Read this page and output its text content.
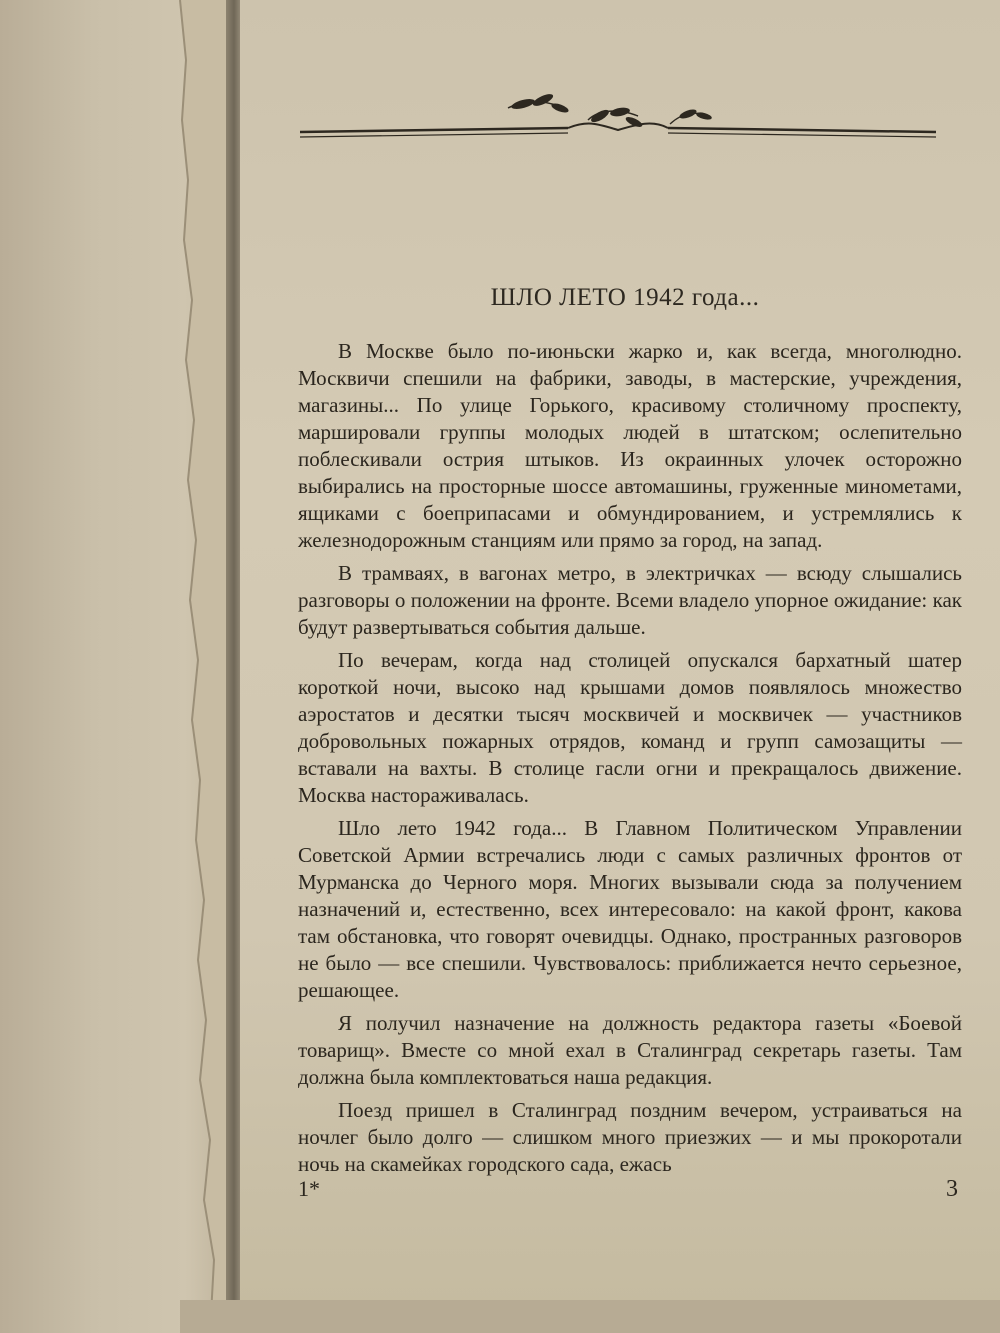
ШЛО ЛЕТО 1942 года...

В Москве было по-июньски жарко и, как всегда, многолюдно. Москвичи спешили на фабрики, заводы, в мастерские, учреждения, магазины... По улице Горького, красивому столичному проспекту, маршировали группы молодых людей в штатском; ослепительно поблескивали острия штыков. Из окраинных улочек осторожно выбирались на просторные шоссе автомашины, груженные минометами, ящиками с боеприпасами и обмундированием, и устремлялись к железнодорожным станциям или прямо за город, на запад.

В трамваях, в вагонах метро, в электричках — всюду слышались разговоры о положении на фронте. Всеми владело упорное ожидание: как будут развертываться события дальше.

По вечерам, когда над столицей опускался бархатный шатер короткой ночи, высоко над крышами домов появлялось множество аэростатов и десятки тысяч москвичей и москвичек — участников добровольных пожарных отрядов, команд и групп самозащиты — вставали на вахты. В столице гасли огни и прекращалось движение. Москва настораживалась.

Шло лето 1942 года... В Главном Политическом Управлении Советской Армии встречались люди с самых различных фронтов от Мурманска до Черного моря. Многих вызывали сюда за получением назначений и, естественно, всех интересовало: на какой фронт, какова там обстановка, что говорят очевидцы. Однако, пространных разговоров не было — все спешили. Чувствовалось: приближается нечто серьезное, решающее.

Я получил назначение на должность редактора газеты «Боевой товарищ». Вместе со мной ехал в Сталинград секретарь газеты. Там должна была комплектоваться наша редакция.

Поезд пришел в Сталинград поздним вечером, устраиваться на ночлег было долго — слишком много приезжих — и мы прокоротали ночь на скамейках городского сада, ежась

1*	3
